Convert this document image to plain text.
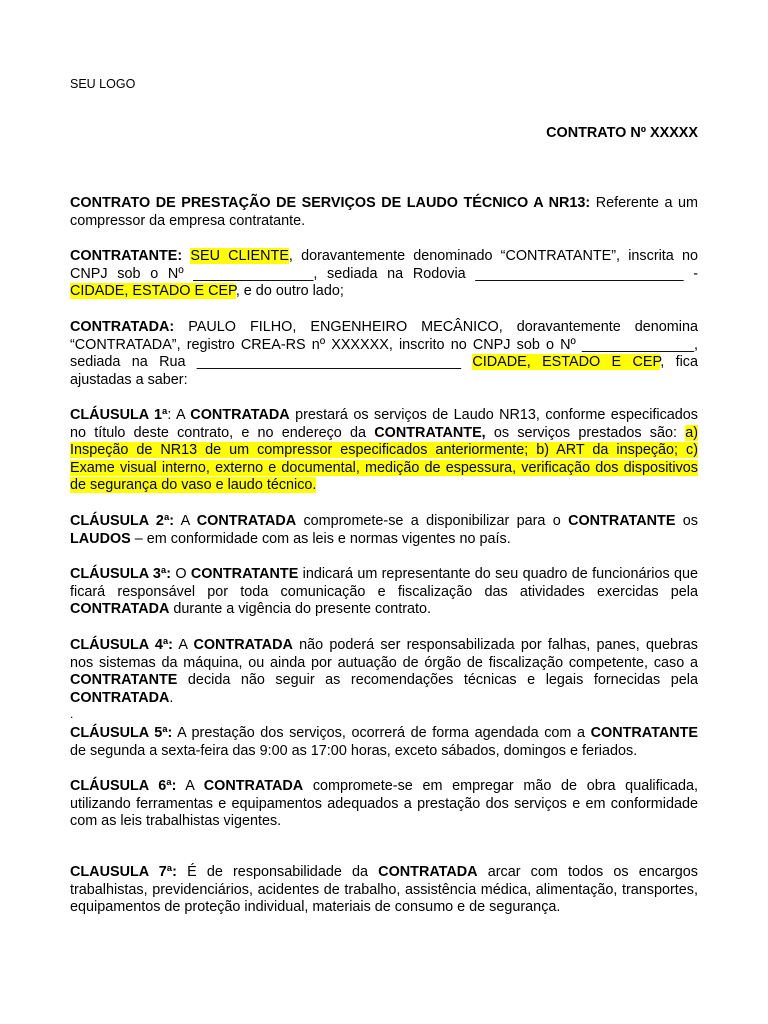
SEU LOGO
CONTRATO Nº XXXXX

CONTRATO DE PRESTAÇÃO DE SERVIÇOS DE LAUDO TÉCNICO A NR13: Referente a um compressor da empresa contratante.

CONTRATANTE: SEU CLIENTE, doravantemente denominado “CONTRATANTE”, inscrita no CNPJ sob o Nº _______________, sediada na Rodovia __________________________ - CIDADE, ESTADO E CEP, e do outro lado;

CONTRATADA: PAULO FILHO, ENGENHEIRO MECÂNICO, doravantemente denomina “CONTRATADA”, registro CREA-RS nº XXXXXX, inscrito no CNPJ sob o Nº ______________, sediada na Rua _________________________________ CIDADE, ESTADO E CEP, fica ajustadas a saber:

CLÁUSULA 1ª: A CONTRATADA prestará os serviços de Laudo NR13, conforme especificados no título deste contrato, e no endereço da CONTRATANTE, os serviços prestados são: a) Inspeção de NR13 de um compressor especificados anteriormente; b) ART da inspeção; c) Exame visual interno, externo e documental, medição de espessura, verificação dos dispositivos de segurança do vaso e laudo técnico.

CLÁUSULA 2ª: A CONTRATADA compromete-se a disponibilizar para o CONTRATANTE os LAUDOS – em conformidade com as leis e normas vigentes no país.

CLÁUSULA 3ª: O CONTRATANTE indicará um representante do seu quadro de funcionários que ficará responsável por toda comunicação e fiscalização das atividades exercidas pela CONTRATADA durante a vigência do presente contrato.

CLÁUSULA 4ª: A CONTRATADA não poderá ser responsabilizada por falhas, panes, quebras nos sistemas da máquina, ou ainda por autuação de órgão de fiscalização competente, caso a CONTRATANTE decida não seguir as recomendações técnicas e legais fornecidas pela CONTRATADA.

.

CLÁUSULA 5ª: A prestação dos serviços, ocorrerá de forma agendada com a CONTRATANTE de segunda a sexta-feira das 9:00 as 17:00 horas, exceto sábados, domingos e feriados.

CLÁUSULA 6ª: A CONTRATADA compromete-se em empregar mão de obra qualificada, utilizando ferramentas e equipamentos adequados a prestação dos serviços e em conformidade com as leis trabalhistas vigentes.

CLAUSULA 7ª: É de responsabilidade da CONTRATADA arcar com todos os encargos trabalhistas, previdenciários, acidentes de trabalho, assistência médica, alimentação, transportes, equipamentos de proteção individual, materiais de consumo e de segurança.
